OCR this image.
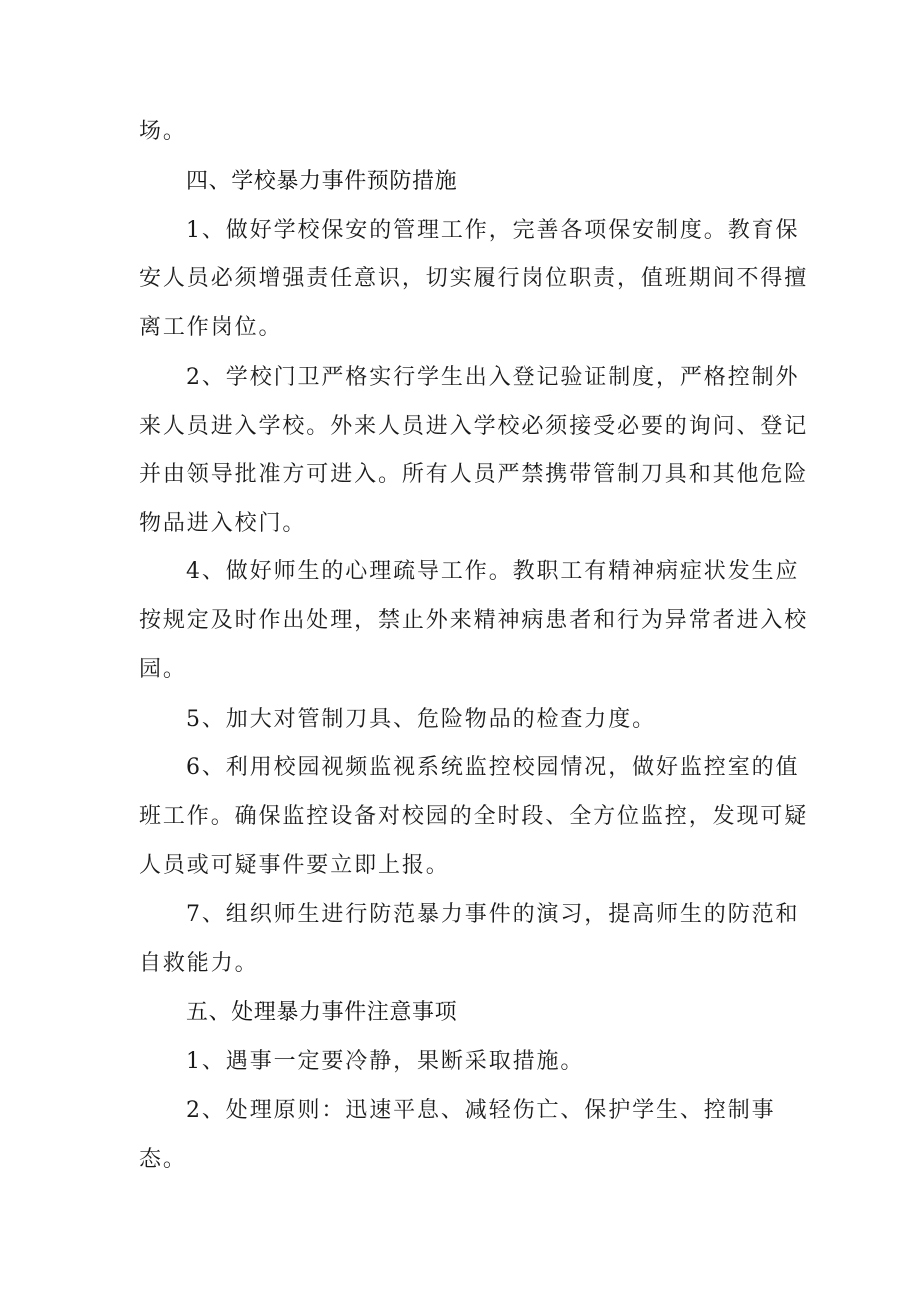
场。

四、学校暴力事件预防措施

1、做好学校保安的管理工作，完善各项保安制度。教育保

安人员必须增强责任意识，切实履行岗位职责，值班期间不得擅

离工作岗位。

2、学校门卫严格实行学生出入登记验证制度，严格控制外

来人员进入学校。外来人员进入学校必须接受必要的询问、登记

并由领导批准方可进入。所有人员严禁携带管制刀具和其他危险

物品进入校门。

4、做好师生的心理疏导工作。教职工有精神病症状发生应

按规定及时作出处理，禁止外来精神病患者和行为异常者进入校

园。

5、加大对管制刀具、危险物品的检查力度。

6、利用校园视频监视系统监控校园情况，做好监控室的值

班工作。确保监控设备对校园的全时段、全方位监控，发现可疑

人员或可疑事件要立即上报。

7、组织师生进行防范暴力事件的演习，提高师生的防范和

自救能力。

五、处理暴力事件注意事项

1、遇事一定要冷静，果断采取措施。

2、处理原则：迅速平息、减轻伤亡、保护学生、控制事

态。
